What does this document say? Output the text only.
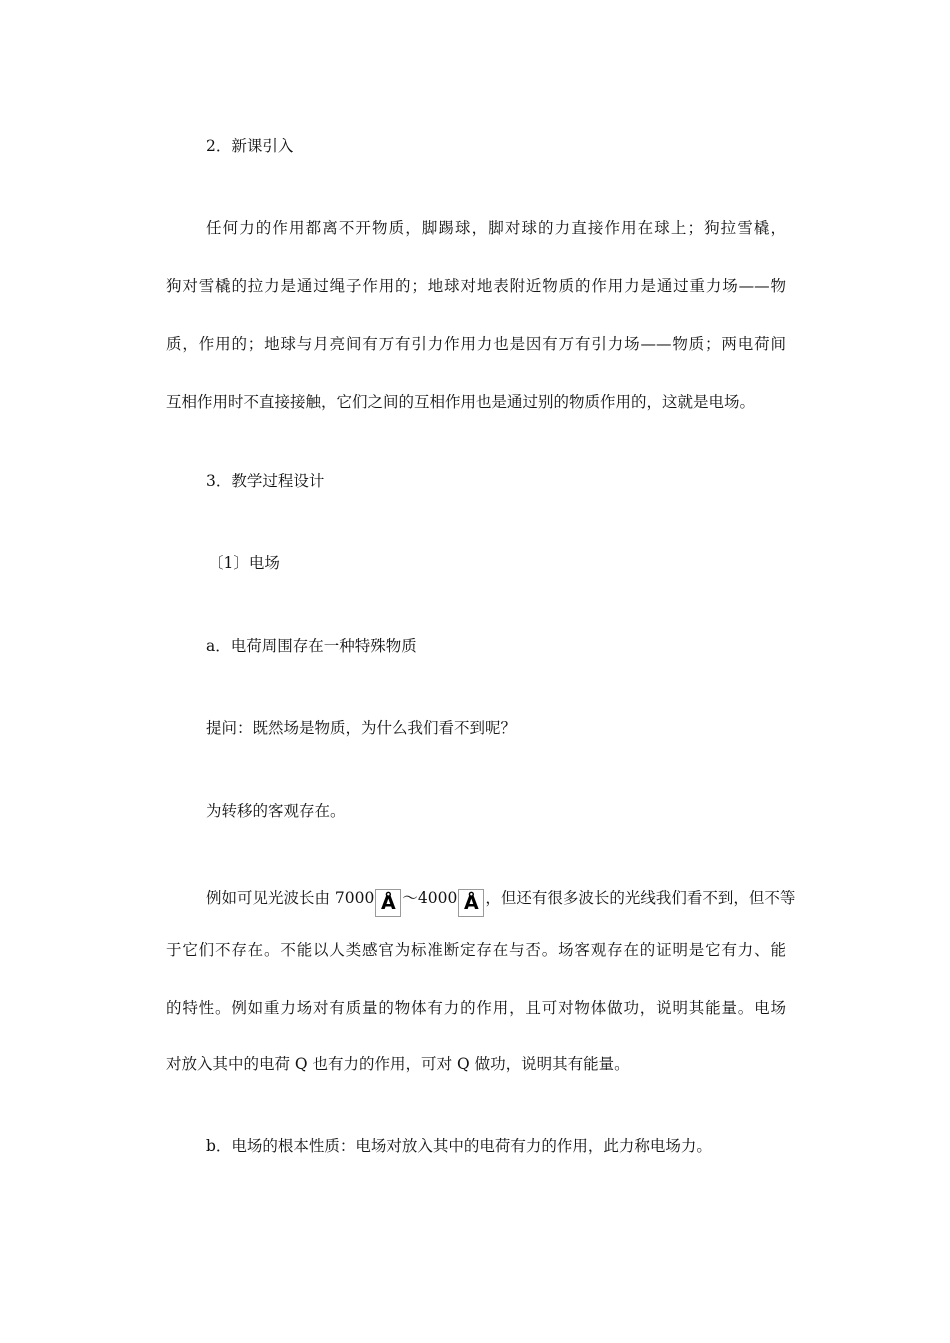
2．新课引入
任何力的作用都离不开物质，脚踢球，脚对球的力直接作用在球上；狗拉雪橇，
狗对雪橇的拉力是通过绳子作用的；地球对地表附近物质的作用力是通过重力场——物
质，作用的；地球与月亮间有万有引力作用力也是因有万有引力场——物质；两电荷间
互相作用时不直接接触，它们之间的互相作用也是通过别的物质作用的，这就是电场。
3．教学过程设计
〔1〕电场
a．电荷周围存在一种特殊物质
提问：既然场是物质，为什么我们看不到呢？
为转移的客观存在。
例如可见光波长由 7000 Å ～4000 Å ，但还有很多波长的光线我们看不到，但不等
于它们不存在。不能以人类感官为标准断定存在与否。场客观存在的证明是它有力、能
的特性。例如重力场对有质量的物体有力的作用，且可对物体做功，说明其能量。电场
对放入其中的电荷 Q 也有力的作用，可对 Q 做功，说明其有能量。
b．电场的根本性质：电场对放入其中的电荷有力的作用，此力称电场力。
